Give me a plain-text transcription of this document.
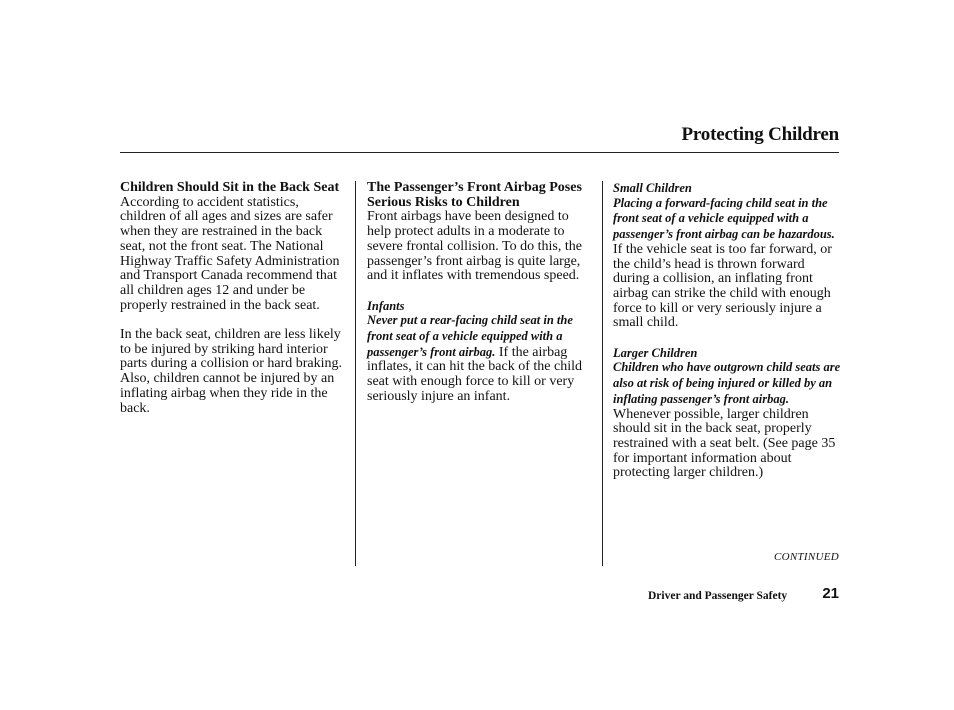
Protecting Children
Children Should Sit in the Back Seat

According to accident statistics, children of all ages and sizes are safer when they are restrained in the back seat, not the front seat. The National Highway Traffic Safety Administration and Transport Canada recommend that all children ages 12 and under be properly restrained in the back seat.

In the back seat, children are less likely to be injured by striking hard interior parts during a collision or hard braking. Also, children cannot be injured by an inflating airbag when they ride in the back.

The Passenger’s Front Airbag Poses Serious Risks to Children

Front airbags have been designed to help protect adults in a moderate to severe frontal collision. To do this, the passenger’s front airbag is quite large, and it inflates with tremendous speed.

Infants

Never put a rear-facing child seat in the front seat of a vehicle equipped with a passenger’s front airbag. If the airbag inflates, it can hit the back of the child seat with enough force to kill or very seriously injure an infant.

Small Children

Placing a forward-facing child seat in the front seat of a vehicle equipped with a passenger’s front airbag can be hazardous. If the vehicle seat is too far forward, or the child’s head is thrown forward during a collision, an inflating front airbag can strike the child with enough force to kill or very seriously injure a small child.

Larger Children

Children who have outgrown child seats are also at risk of being injured or killed by an inflating passenger’s front airbag. Whenever possible, larger children should sit in the back seat, properly restrained with a seat belt. (See page 35 for important information about protecting larger children.)

CONTINUED
Driver and Passenger Safety 21
